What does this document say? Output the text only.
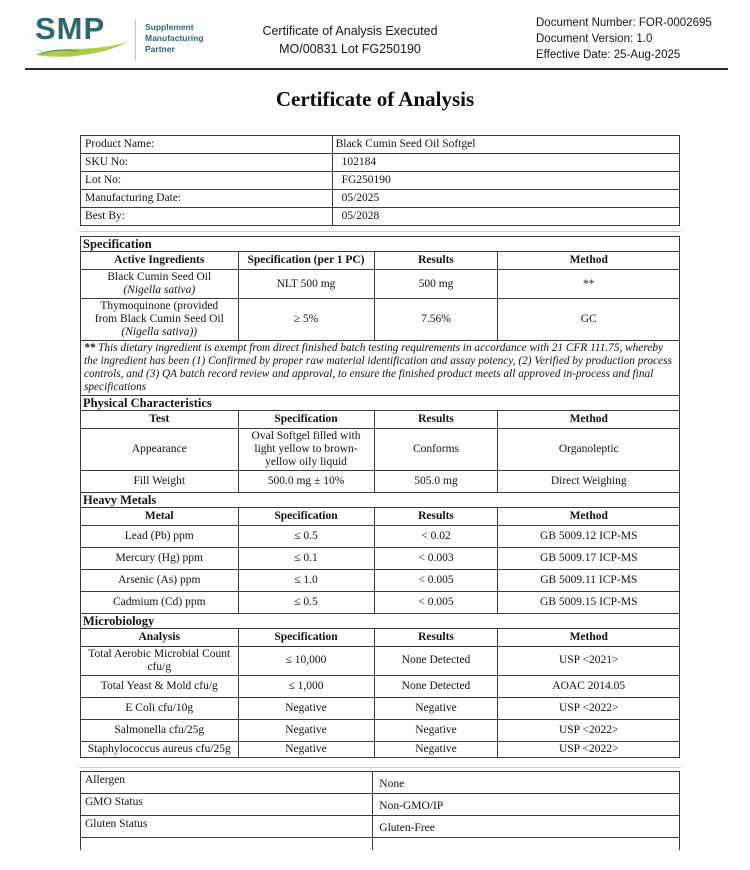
SMP	Supplement
Manufacturing
Partner
Certificate of Analysis Executed
MO/00831 Lot FG250190
Document Number: FOR-0002695
Document Version: 1.0
Effective Date: 25-Aug-2025
Certificate of Analysis
Product Name:	Black Cumin Seed Oil Softgel
SKU No:	102184
Lot No:	FG250190
Manufacturing Date:	05/2025
Best By:	05/2028
Specification			
Active Ingredients	Specification (per 1 PC)	Results	Method
Black Cumin Seed Oil
(Nigella sativa)	NLT 500 mg	500 mg	**
Thymoquinone (provided
from Black Cumin Seed Oil
(Nigella sativa))	≥ 5%	7.56%	GC
** This dietary ingredient is exempt from direct finished batch testing requirements in accordance with 21 CFR 111.75, whereby the ingredient has been (1) Confirmed by proper raw material identification and assay potency, (2) Verified by production process controls, and (3) QA batch record review and approval, to ensure the finished product meets all approved in-process and final specifications			
Physical Characteristics			
Test	Specification	Results	Method
Appearance	Oval Softgel filled with light yellow to brown-yellow oily liquid	Conforms	Organoleptic
Fill Weight	500.0 mg ± 10%	505.0 mg	Direct Weighing
Heavy Metals			
Metal	Specification	Results	Method
Lead (Pb) ppm	≤ 0.5	< 0.02	GB 5009.12 ICP-MS
Mercury (Hg) ppm	≤ 0.1	< 0.003	GB 5009.17 ICP-MS
Arsenic (As) ppm	≤ 1.0	< 0.005	GB 5009.11 ICP-MS
Cadmium (Cd) ppm	≤ 0.5	< 0.005	GB 5009.15 ICP-MS
Microbiology			
Analysis	Specification	Results	Method
Total Aerobic Microbial Count cfu/g	≤ 10,000	None Detected	USP <2021>
Total Yeast & Mold cfu/g	≤ 1,000	None Detected	AOAC 2014.05
E Coli cfu/10g	Negative	Negative	USP <2022>
Salmonella cfu/25g	Negative	Negative	USP <2022>
Staphylococcus aureus cfu/25g	Negative	Negative	USP <2022>
Allergen	None
GMO Status	Non-GMO/IP
Gluten Status	Gluten-Free
